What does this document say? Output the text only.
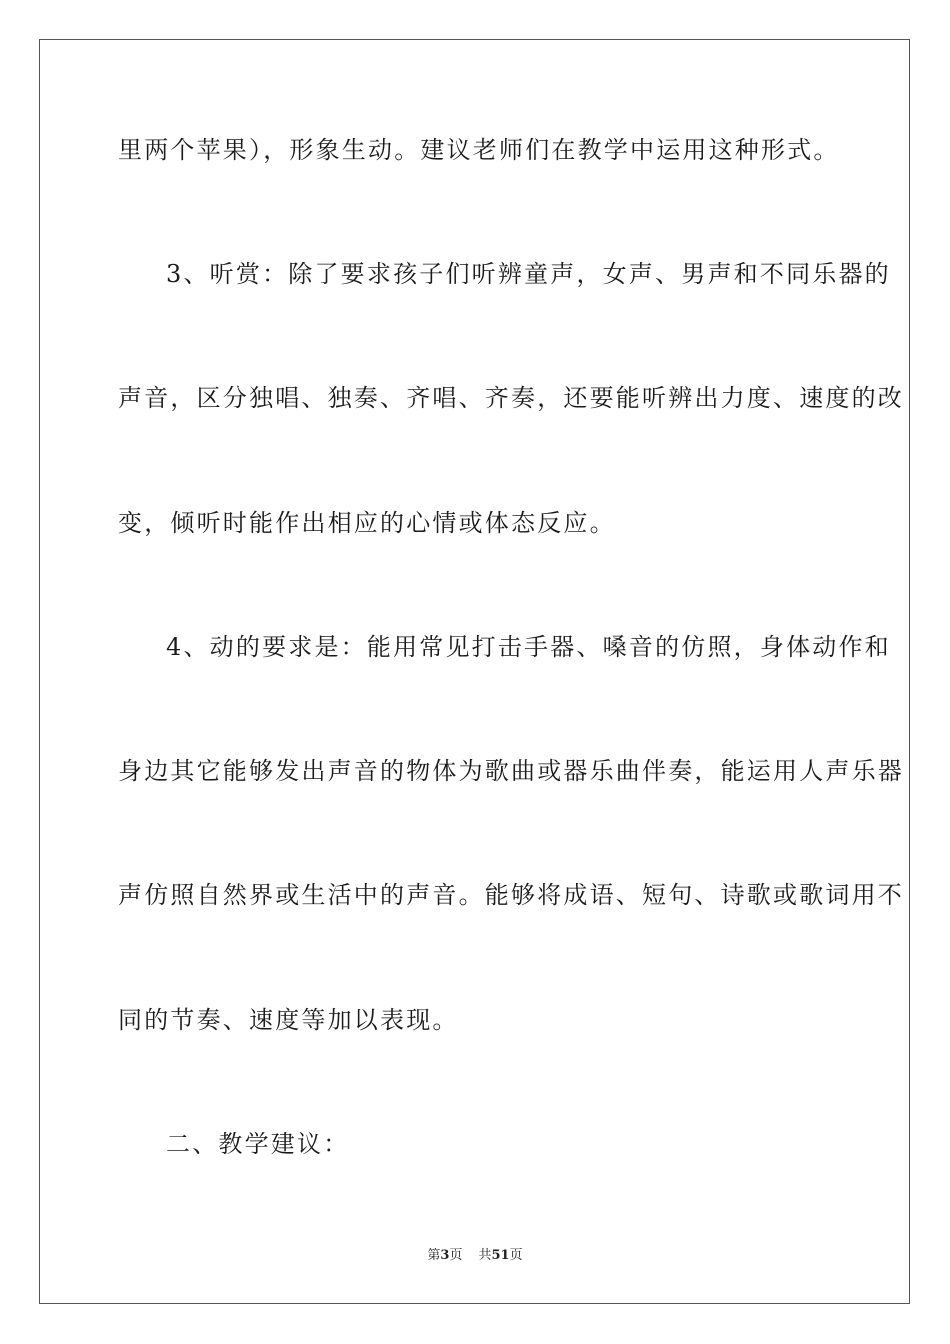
里两个苹果），形象生动。建议老师们在教学中运用这种形式。
3、听赏：除了要求孩子们听辨童声，女声、男声和不同乐器的
声音，区分独唱、独奏、齐唱、齐奏，还要能听辨出力度、速度的改
变，倾听时能作出相应的心情或体态反应。
4、动的要求是：能用常见打击手器、嗓音的仿照，身体动作和
身边其它能够发出声音的物体为歌曲或器乐曲伴奏，能运用人声乐器
声仿照自然界或生活中的声音。能够将成语、短句、诗歌或歌词用不
同的节奏、速度等加以表现。
二、教学建议：
第3页 共51页
